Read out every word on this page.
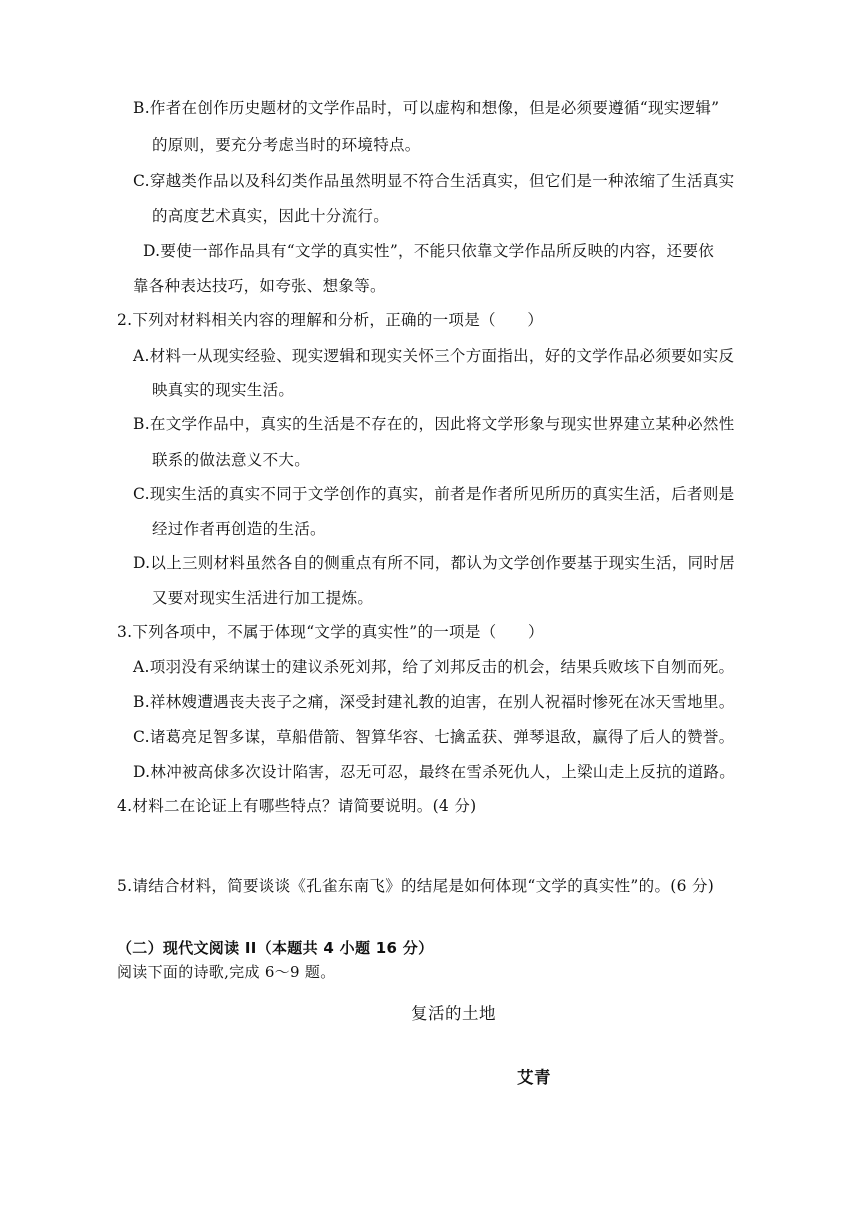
B.作者在创作历史题材的文学作品时，可以虚构和想像，但是必须要遵循“现实逻辑”
的原则，要充分考虑当时的环境特点。
C.穿越类作品以及科幻类作品虽然明显不符合生活真实，但它们是一种浓缩了生活真实
的高度艺术真实，因此十分流行。
D.要使一部作品具有“文学的真实性”，不能只依靠文学作品所反映的内容，还要依
靠各种表达技巧，如夸张、想象等。
2.下列对材料相关内容的理解和分析，正确的一项是（　　）
A.材料一从现实经验、现实逻辑和现实关怀三个方面指出，好的文学作品必须要如实反
映真实的现实生活。
B.在文学作品中，真实的生活是不存在的，因此将文学形象与现实世界建立某种必然性
联系的做法意义不大。
C.现实生活的真实不同于文学创作的真实，前者是作者所见所历的真实生活，后者则是
经过作者再创造的生活。
D.以上三则材料虽然各自的侧重点有所不同，都认为文学创作要基于现实生活，同时居
又要对现实生活进行加工提炼。
3.下列各项中，不属于体现“文学的真实性”的一项是（　　）
A.项羽没有采纳谋士的建议杀死刘邦，给了刘邦反击的机会，结果兵败垓下自刎而死。
B.祥林嫂遭遇丧夫丧子之痛，深受封建礼教的迫害，在别人祝福时惨死在冰天雪地里。
C.诸葛亮足智多谋，草船借箭、智算华容、七擒孟获、弹琴退敌，赢得了后人的赞誉。
D.林冲被高俅多次设计陷害，忍无可忍，最终在雪杀死仇人，上梁山走上反抗的道路。
4.材料二在论证上有哪些特点？请简要说明。(4 分)
5.请结合材料，简要谈谈《孔雀东南飞》的结尾是如何体现“文学的真实性”的。(6 分)
（二）现代文阅读 II（本题共 4 小题 16 分）
阅读下面的诗歌,完成 6～9 题。
复活的土地
艾青
